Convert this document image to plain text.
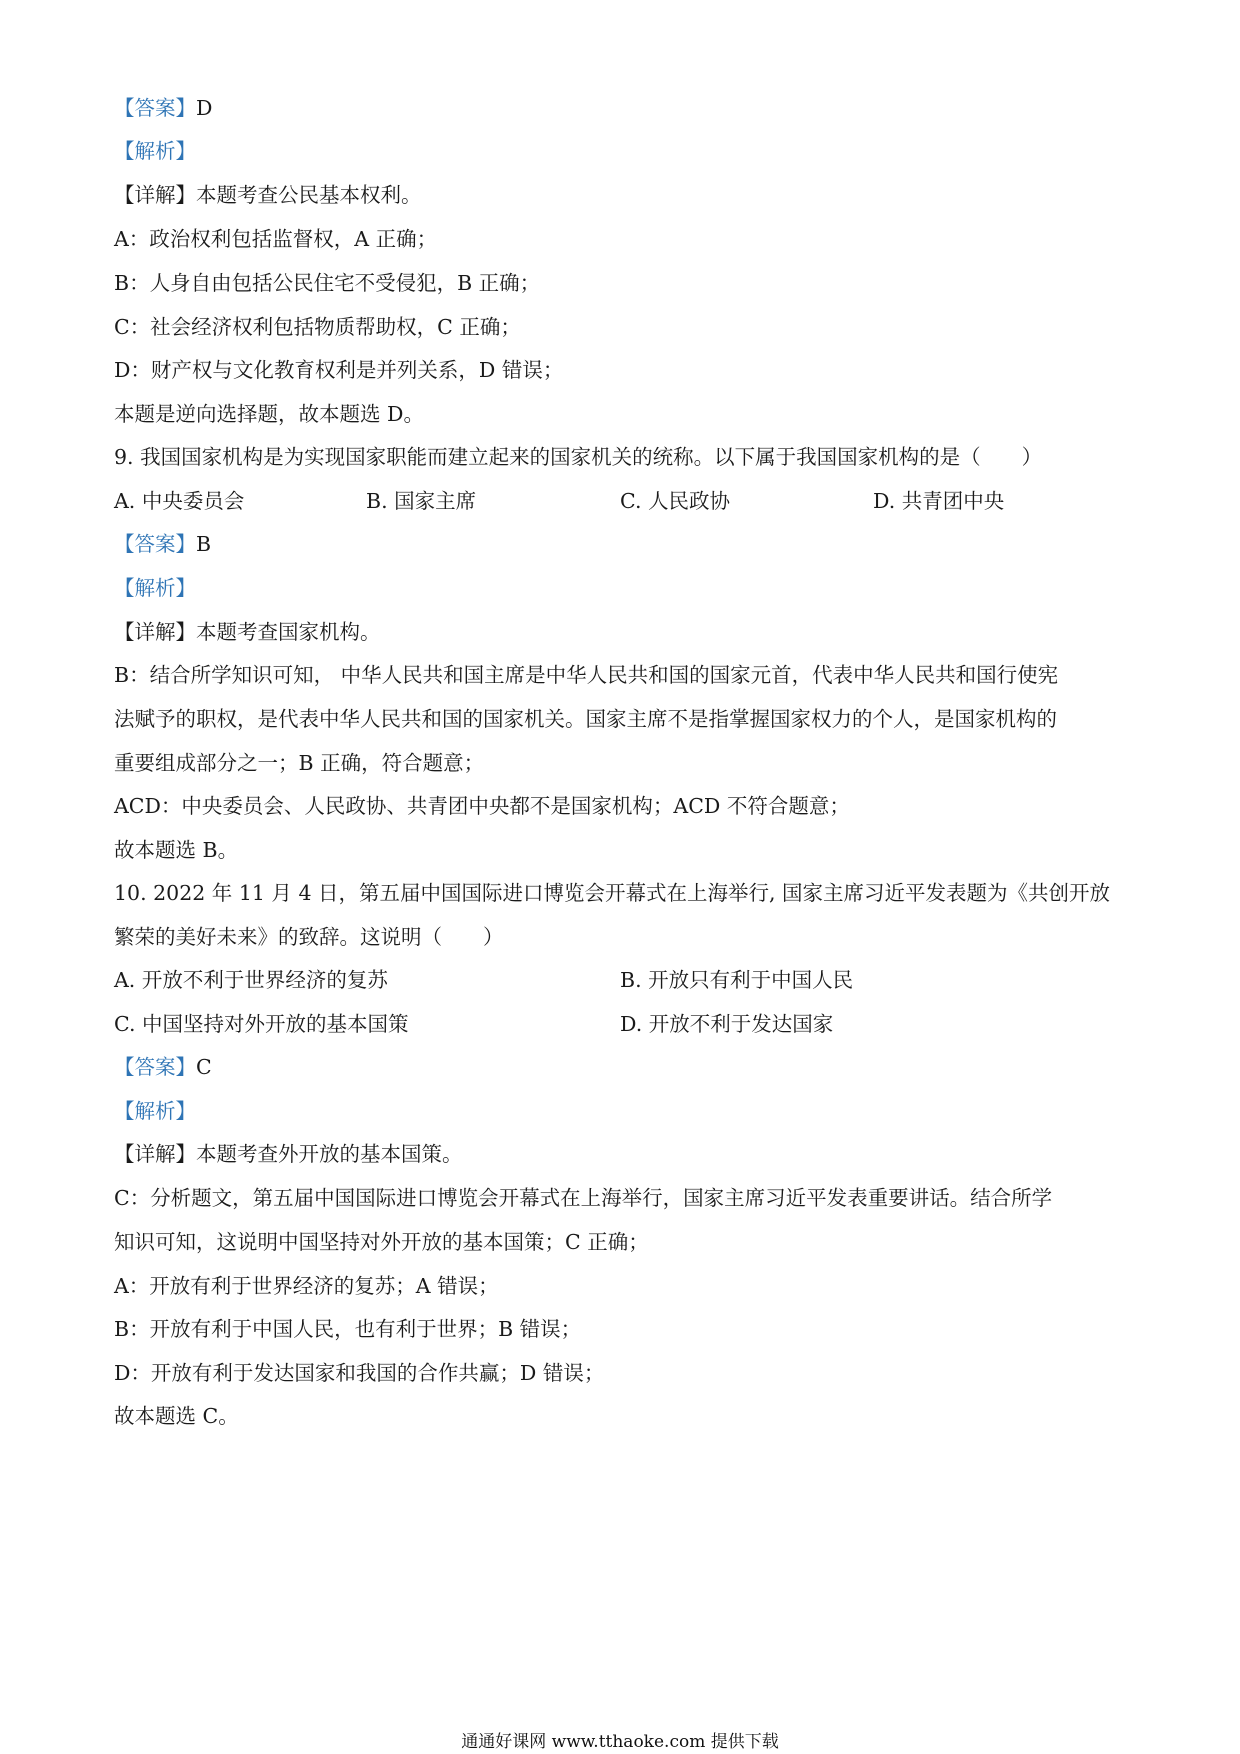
【答案】D
【解析】
【详解】本题考查公民基本权利。
A：政治权利包括监督权，A 正确；
B：人身自由包括公民住宅不受侵犯，B 正确；
C：社会经济权利包括物质帮助权，C 正确；
D：财产权与文化教育权利是并列关系，D 错误；
本题是逆向选择题，故本题选 D。
9. 我国国家机构是为实现国家职能而建立起来的国家机关的统称。以下属于我国国家机构的是（　　）
A. 中央委员会	B. 国家主席	C. 人民政协	D. 共青团中央
【答案】B
【解析】
【详解】本题考查国家机构。
B：结合所学知识可知， 中华人民共和国主席是中华人民共和国的国家元首，代表中华人民共和国行使宪
法赋予的职权，是代表中华人民共和国的国家机关。国家主席不是指掌握国家权力的个人，是国家机构的
重要组成部分之一；B 正确，符合题意；
ACD：中央委员会、人民政协、共青团中央都不是国家机构；ACD 不符合题意；
故本题选 B。
10. 2022 年 11 月 4 日，第五届中国国际进口博览会开幕式在上海举行, 国家主席习近平发表题为《共创开放
繁荣的美好未来》的致辞。这说明（　　）
A. 开放不利于世界经济的复苏	B. 开放只有利于中国人民
C. 中国坚持对外开放的基本国策	D. 开放不利于发达国家
【答案】C
【解析】
【详解】本题考查外开放的基本国策。
C：分析题文，第五届中国国际进口博览会开幕式在上海举行，国家主席习近平发表重要讲话。结合所学
知识可知，这说明中国坚持对外开放的基本国策；C 正确；
A：开放有利于世界经济的复苏；A 错误；
B：开放有利于中国人民，也有利于世界；B 错误；
D：开放有利于发达国家和我国的合作共赢；D 错误；
故本题选 C。
通通好课网 www.tthaoke.com 提供下载
